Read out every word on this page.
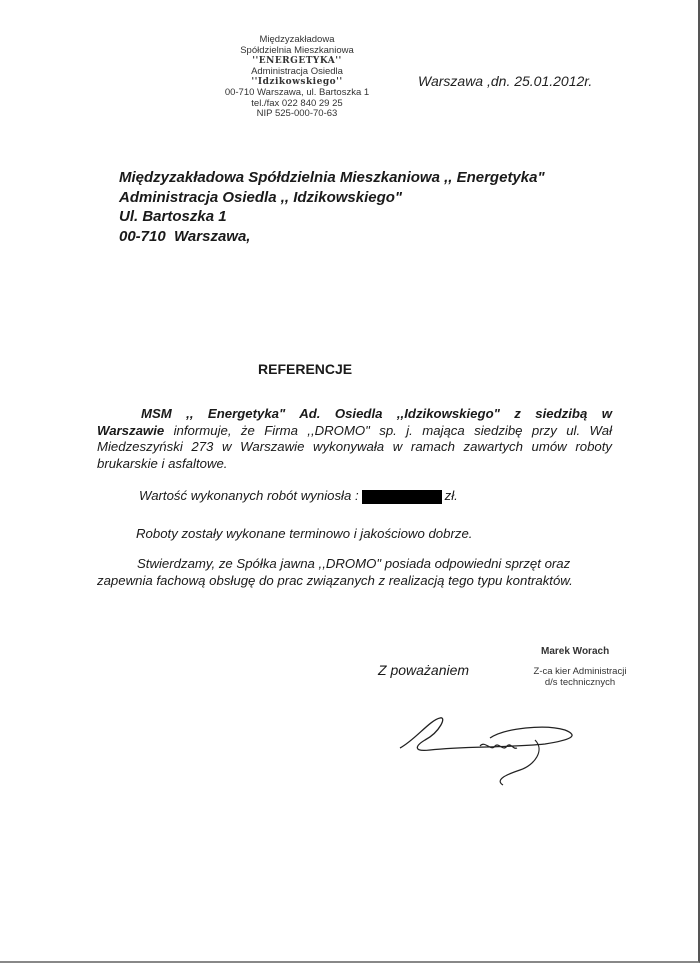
Międzyzakładowa
Spółdzielnia Mieszkaniowa
''ENERGETYKA''
Administracja Osiedla
''Idzikowskiego''
00-710 Warszawa, ul. Bartoszka 1
tel./fax 022 840 29 25
NIP 525-000-70-63
Warszawa ,dn. 25.01.2012r.
Międzyzakładowa Spółdzielnia Mieszkaniowa ,, Energetyka"
Administracja Osiedla ,, Idzikowskiego"
Ul. Bartoszka 1
00-710  Warszawa,
REFERENCJE
MSM ,, Energetyka" Ad. Osiedla ,,Idzikowskiego" z siedzibą w Warszawie informuje, że Firma ,,DROMO" sp. j. mająca siedzibę przy ul. Wał Miedzeszyński 273 w Warszawie wykonywała w ramach zawartych umów roboty brukarskie i asfaltowe.
Wartość wykonanych robót wyniosła :	zł.
Roboty zostały wykonane terminowo i jakościowo dobrze.
Stwierdzamy, ze Spółka jawna ,,DROMO" posiada odpowiedni sprzęt oraz zapewnia fachową obsługę do prac związanych z realizacją tego typu kontraktów.
Marek Worach
Z poważaniem	Z-ca kier Administracji
d/s technicznych
